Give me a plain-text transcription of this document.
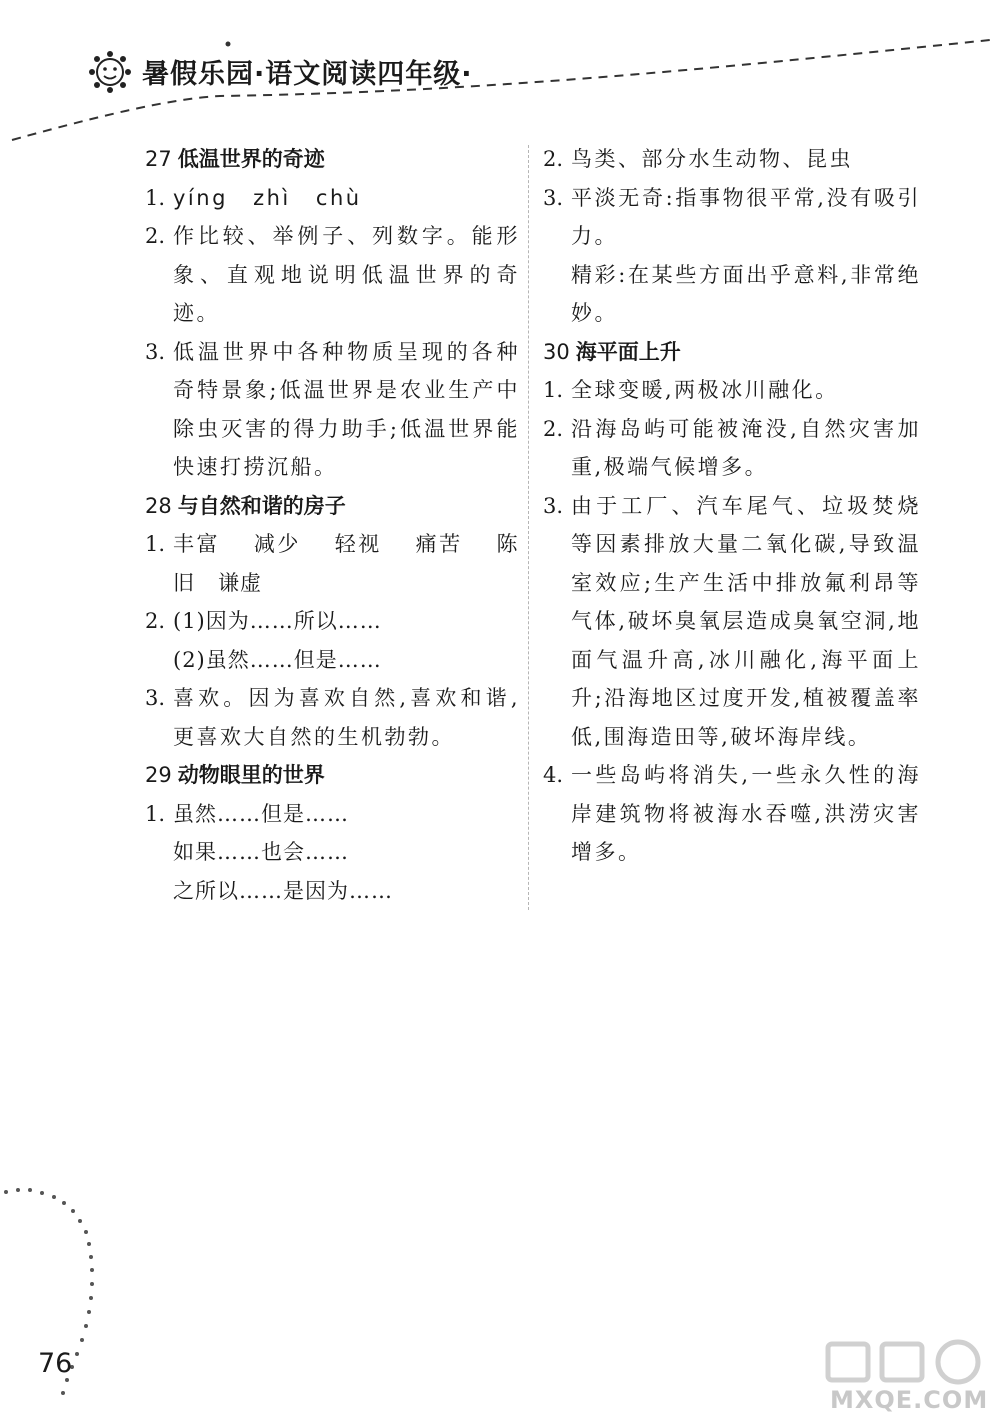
暑假乐园·语文阅读四年级·
27 低温世界的奇迹
1. yíng zhì chù
2. 作比较、举例子、列数字。能形象、直观地说明低温世界的奇迹。
3. 低温世界中各种物质呈现的各种奇特景象;低温世界是农业生产中除虫灭害的得力助手;低温世界能快速打捞沉船。
28 与自然和谐的房子
1. 丰富 减少 轻视 痛苦 陈
旧   谦虚
2. (1)因为……所以……
(2)虽然……但是……
3. 喜欢。因为喜欢自然,喜欢和谐,更喜欢大自然的生机勃勃。
29 动物眼里的世界
1. 虽然……但是……
如果……也会……
之所以……是因为……
2. 鸟类、部分水生动物、昆虫
3. 平淡无奇:指事物很平常,没有吸引力。
精彩:在某些方面出乎意料,非常绝妙。
30 海平面上升
1. 全球变暖,两极冰川融化。
2. 沿海岛屿可能被淹没,自然灾害加重,极端气候增多。
3. 由于工厂、汽车尾气、垃圾焚烧等因素排放大量二氧化碳,导致温室效应;生产生活中排放氟利昂等气体,破坏臭氧层造成臭氧空洞,地面气温升高,冰川融化,海平面上升;沿海地区过度开发,植被覆盖率低,围海造田等,破坏海岸线。
4. 一些岛屿将消失,一些永久性的海岸建筑物将被海水吞噬,洪涝灾害增多。
76
MXQE.COM
